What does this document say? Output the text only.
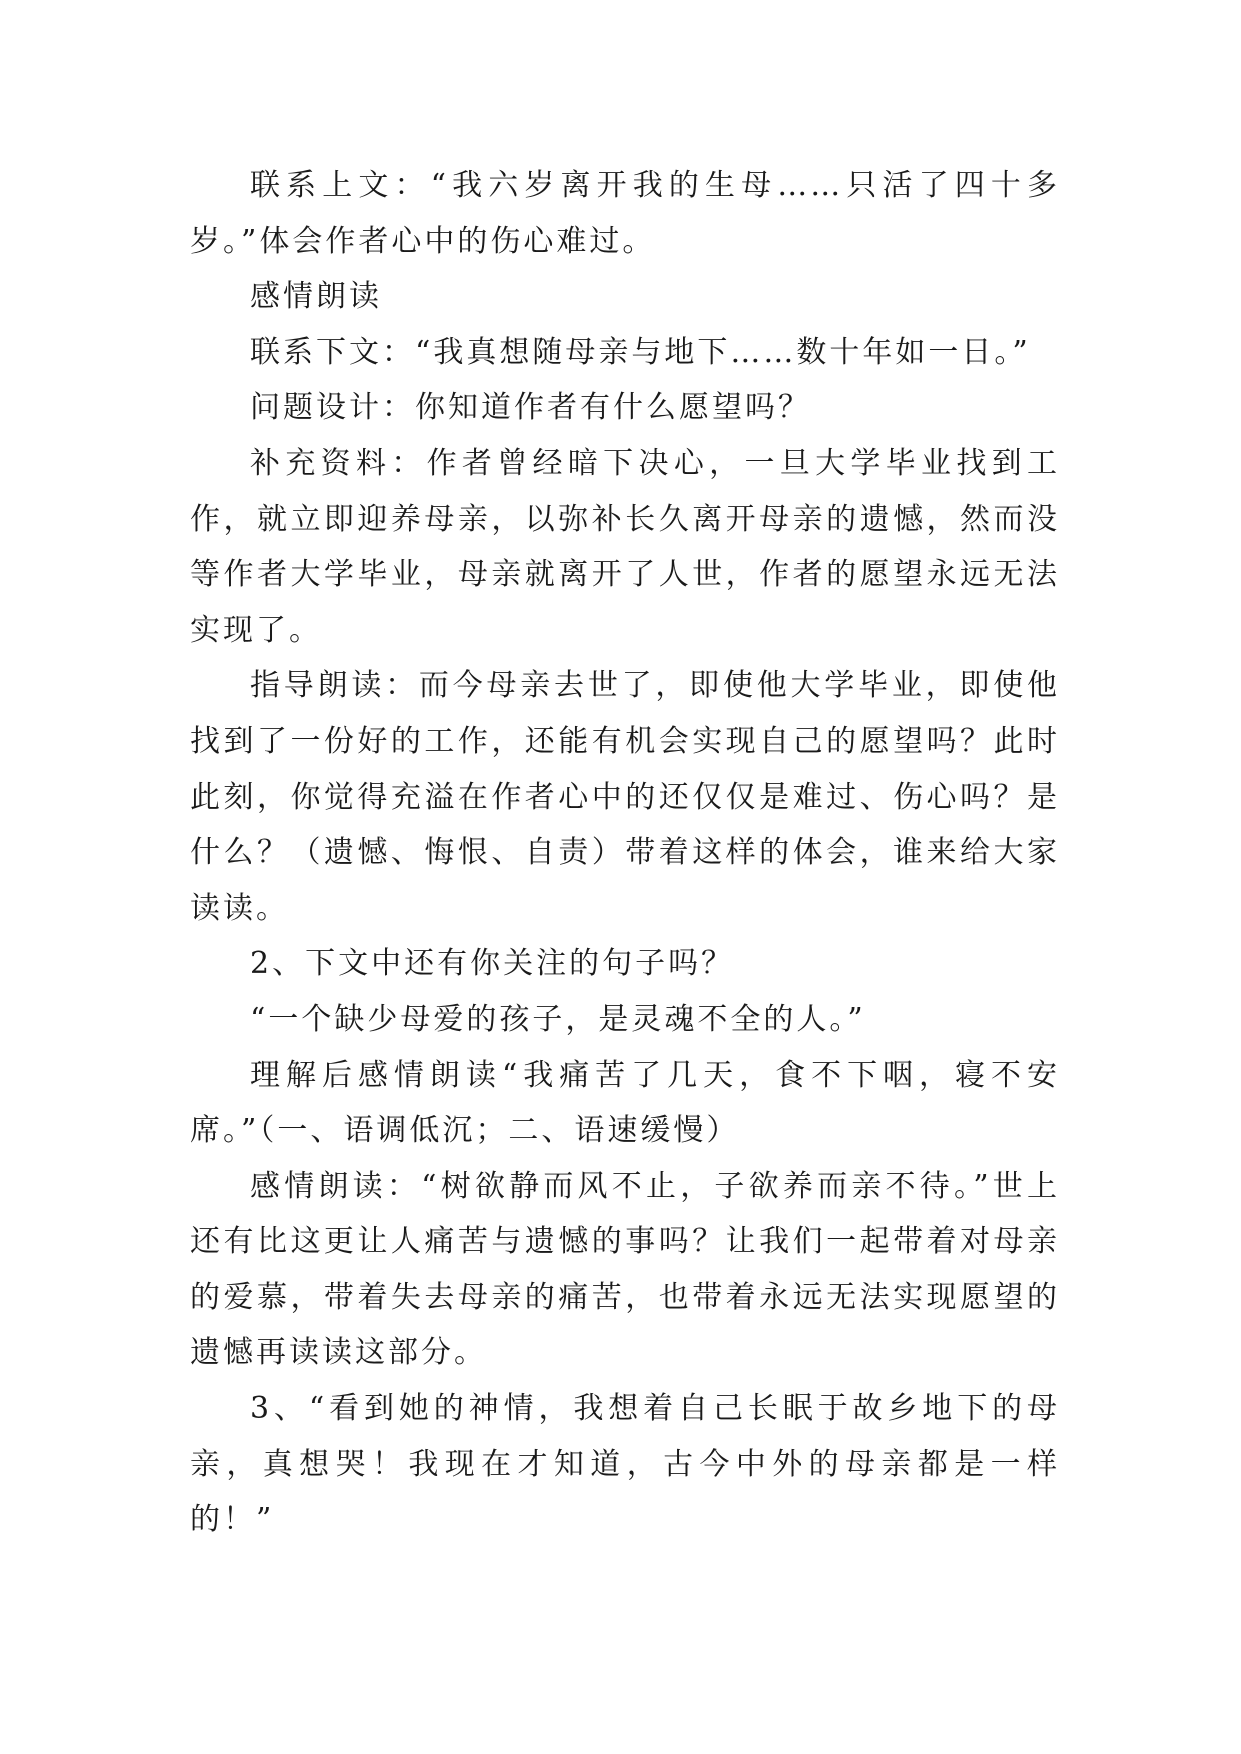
联系上文：“我六岁离开我的生母……只活了四十多岁。”体会作者心中的伤心难过。

感情朗读

联系下文：“我真想随母亲与地下……数十年如一日。”

问题设计：你知道作者有什么愿望吗？

补充资料：作者曾经暗下决心，一旦大学毕业找到工作，就立即迎养母亲，以弥补长久离开母亲的遗憾，然而没等作者大学毕业，母亲就离开了人世，作者的愿望永远无法实现了。

指导朗读：而今母亲去世了，即使他大学毕业，即使他找到了一份好的工作，还能有机会实现自己的愿望吗？此时此刻，你觉得充溢在作者心中的还仅仅是难过、伤心吗？是什么？（遗憾、悔恨、自责）带着这样的体会，谁来给大家读读。

2、下文中还有你关注的句子吗？

“一个缺少母爱的孩子，是灵魂不全的人。”

理解后感情朗读“我痛苦了几天，食不下咽，寝不安席。”（一、语调低沉；二、语速缓慢）

感情朗读：“树欲静而风不止，子欲养而亲不待。”世上还有比这更让人痛苦与遗憾的事吗？让我们一起带着对母亲的爱慕，带着失去母亲的痛苦，也带着永远无法实现愿望的遗憾再读读这部分。

3、“看到她的神情，我想着自己长眠于故乡地下的母亲，真想哭！我现在才知道，古今中外的母亲都是一样的！”
